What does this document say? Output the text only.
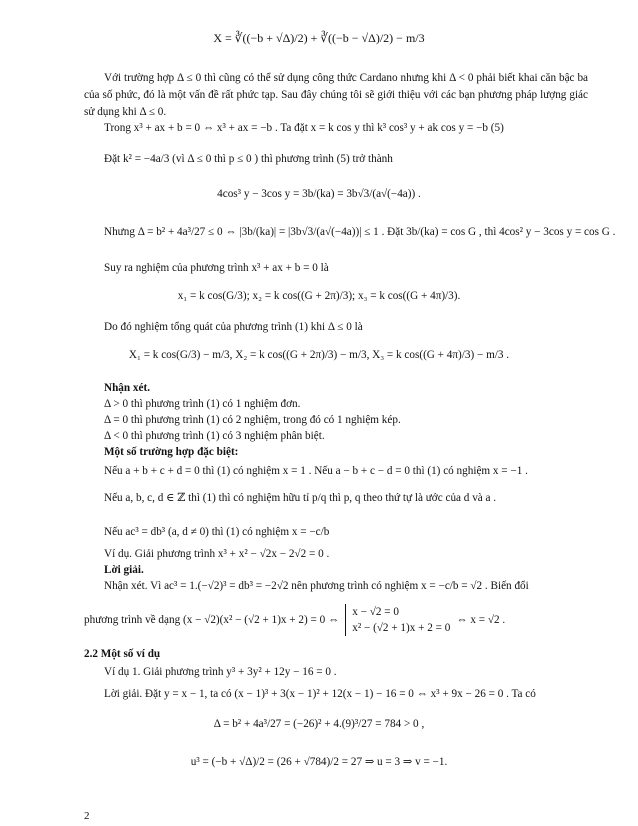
X = ∛((−b + √Δ)/2) + ∛((−b − √Δ)/2) − m/3
Với trường hợp Δ ≤ 0 thì cũng có thể sử dụng công thức Cardano nhưng khi Δ < 0 phải biết khai căn bậc ba của số phức, đó là một vấn đề rất phức tạp. Sau đây chúng tôi sẽ giới thiệu với các bạn phương pháp lượng giác sử dụng khi Δ ≤ 0.
Trong x³ + ax + b = 0 ⇔ x³ + ax = −b . Ta đặt x = k cos y thì k³ cos³ y + ak cos y = −b (5)
Đặt k² = −4a/3 (vì Δ ≤ 0 thì p ≤ 0 ) thì phương trình (5) trở thành
4cos³ y − 3cos y = 3b/(ka) = 3b√3/(a√(−4a)) .
Nhưng Δ = b² + 4a³/27 ≤ 0 ⇔ |3b/(ka)| = |3b√3/(a√(−4a))| ≤ 1 . Đặt 3b/(ka) = cos G , thì 4cos² y − 3cos y = cos G .
Suy ra nghiệm của phương trình x³ + ax + b = 0 là
x₁ = k cos(G/3); x₂ = k cos((G + 2π)/3); x₃ = k cos((G + 4π)/3).
Do đó nghiệm tổng quát của phương trình (1) khi Δ ≤ 0 là
X₁ = k cos(G/3) − m/3, X₂ = k cos((G + 2π)/3) − m/3, X₃ = k cos((G + 4π)/3) − m/3 .
Nhận xét.
Δ > 0 thì phương trình (1) có 1 nghiệm đơn.
Δ = 0 thì phương trình (1) có 2 nghiệm, trong đó có 1 nghiệm kép.
Δ < 0 thì phương trình (1) có 3 nghiệm phân biệt.
Một số trường hợp đặc biệt:
Nếu a + b + c + d = 0 thì (1) có nghiệm x = 1 . Nếu a − b + c − d = 0 thì (1) có nghiệm x = −1 .
Nếu a, b, c, d ∈ ℤ thì (1) thì có nghiệm hữu tỉ p/q thì p, q theo thứ tự là ước của d và a .
Nếu ac³ = db³ (a, d ≠ 0) thì (1) có nghiệm x = −c/b
Ví dụ. Giải phương trình x³ + x² − √2x − 2√2 = 0 .
Lời giải.
Nhận xét. Vì ac³ = 1.(−√2)³ = db³ = −2√2 nên phương trình có nghiệm x = −c/b = √2 . Biến đổi
phương trình về dạng (x − √2)(x² − (√2 + 1)x + 2) = 0 ⇔
x − √2 = 0
x² − (√2 + 1)x + 2 = 0
⇔ x = √2 .
2.2 Một số ví dụ
Ví dụ 1. Giải phương trình y³ + 3y² + 12y − 16 = 0 .
Lời giải. Đặt y = x − 1, ta có (x − 1)³ + 3(x − 1)² + 12(x − 1) − 16 = 0 ⇔ x³ + 9x − 26 = 0 . Ta có
Δ = b² + 4a³/27 = (−26)² + 4.(9)³/27 = 784 > 0 ,
u³ = (−b + √Δ)/2 = (26 + √784)/2 = 27 ⇒ u = 3 ⇒ v = −1.
2
